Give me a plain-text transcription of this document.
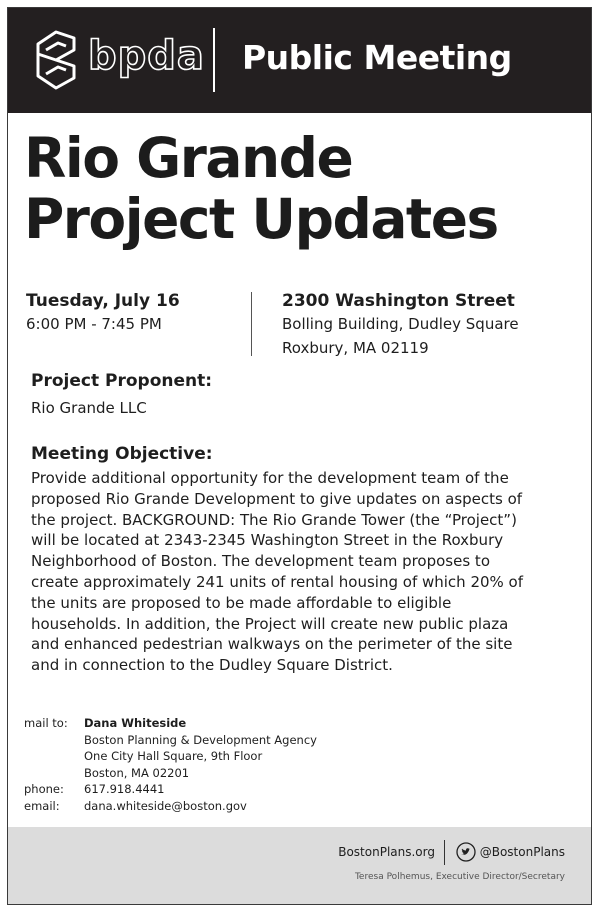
bpda Public Meeting
Rio Grande
Project Updates
Tuesday, July 16
6:00 PM - 7:45 PM
2300 Washington Street
Bolling Building, Dudley Square
Roxbury, MA 02119
Project Proponent:
Rio Grande LLC
Meeting Objective:
Provide additional opportunity for the development team of the
proposed Rio Grande Development to give updates on aspects of
the project. BACKGROUND: The Rio Grande Tower (the “Project”)
will be located at 2343-2345 Washington Street in the Roxbury
Neighborhood of Boston. The development team proposes to
create approximately 241 units of rental housing of which 20% of
the units are proposed to be made affordable to eligible
households. In addition, the Project will create new public plaza
and enhanced pedestrian walkways on the perimeter of the site
and in connection to the Dudley Square District.
mail to:	Dana Whiteside
	Boston Planning & Development Agency
	One City Hall Square, 9th Floor
	Boston, MA 02201
phone:	617.918.4441
email:	dana.whiteside@boston.gov
BostonPlans.org	@BostonPlans
Teresa Polhemus, Executive Director/Secretary
